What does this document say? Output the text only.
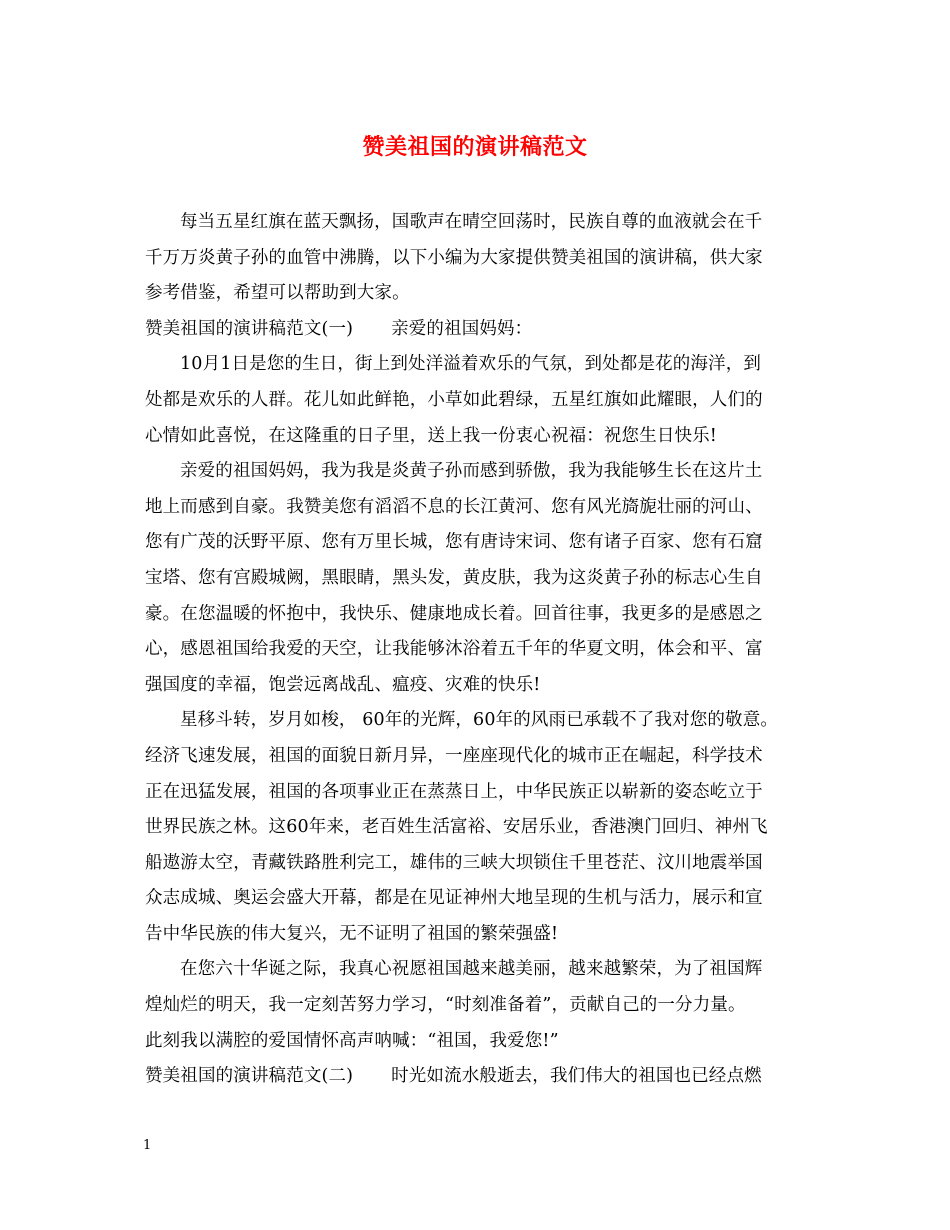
赞美祖国的演讲稿范文
每当五星红旗在蓝天飘扬，国歌声在晴空回荡时，民族自尊的血液就会在千
千万万炎黄子孙的血管中沸腾，以下小编为大家提供赞美祖国的演讲稿，供大家
参考借鉴，希望可以帮助到大家。
赞美祖国的演讲稿范文(一) 亲爱的祖国妈妈：
10月1日是您的生日，街上到处洋溢着欢乐的气氛，到处都是花的海洋，到
处都是欢乐的人群。花儿如此鲜艳，小草如此碧绿，五星红旗如此耀眼，人们的
心情如此喜悦，在这隆重的日子里，送上我一份衷心祝福：祝您生日快乐!
亲爱的祖国妈妈，我为我是炎黄子孙而感到骄傲，我为我能够生长在这片土
地上而感到自豪。我赞美您有滔滔不息的长江黄河、您有风光旖旎壮丽的河山、
您有广茂的沃野平原、您有万里长城，您有唐诗宋词、您有诸子百家、您有石窟
宝塔、您有宫殿城阙，黑眼睛，黑头发，黄皮肤，我为这炎黄子孙的标志心生自
豪。在您温暖的怀抱中，我快乐、健康地成长着。回首往事，我更多的是感恩之
心，感恩祖国给我爱的天空，让我能够沐浴着五千年的华夏文明，体会和平、富
强国度的幸福，饱尝远离战乱、瘟疫、灾难的快乐!
星移斗转，岁月如梭， 60年的光辉，60年的风雨已承载不了我对您的敬意。
经济飞速发展，祖国的面貌日新月异，一座座现代化的城市正在崛起，科学技术
正在迅猛发展，祖国的各项事业正在蒸蒸日上，中华民族正以崭新的姿态屹立于
世界民族之林。这60年来，老百姓生活富裕、安居乐业，香港澳门回归、神州飞
船遨游太空，青藏铁路胜利完工，雄伟的三峡大坝锁住千里苍茫、汶川地震举国
众志成城、奥运会盛大开幕，都是在见证神州大地呈现的生机与活力，展示和宣
告中华民族的伟大复兴，无不证明了祖国的繁荣强盛!
在您六十华诞之际，我真心祝愿祖国越来越美丽，越来越繁荣，为了祖国辉
煌灿烂的明天，我一定刻苦努力学习，“时刻准备着”，贡献自己的一分力量。
此刻我以满腔的爱国情怀高声呐喊：“祖国，我爱您!”
赞美祖国的演讲稿范文(二) 时光如流水般逝去，我们伟大的祖国也已经点燃
1
